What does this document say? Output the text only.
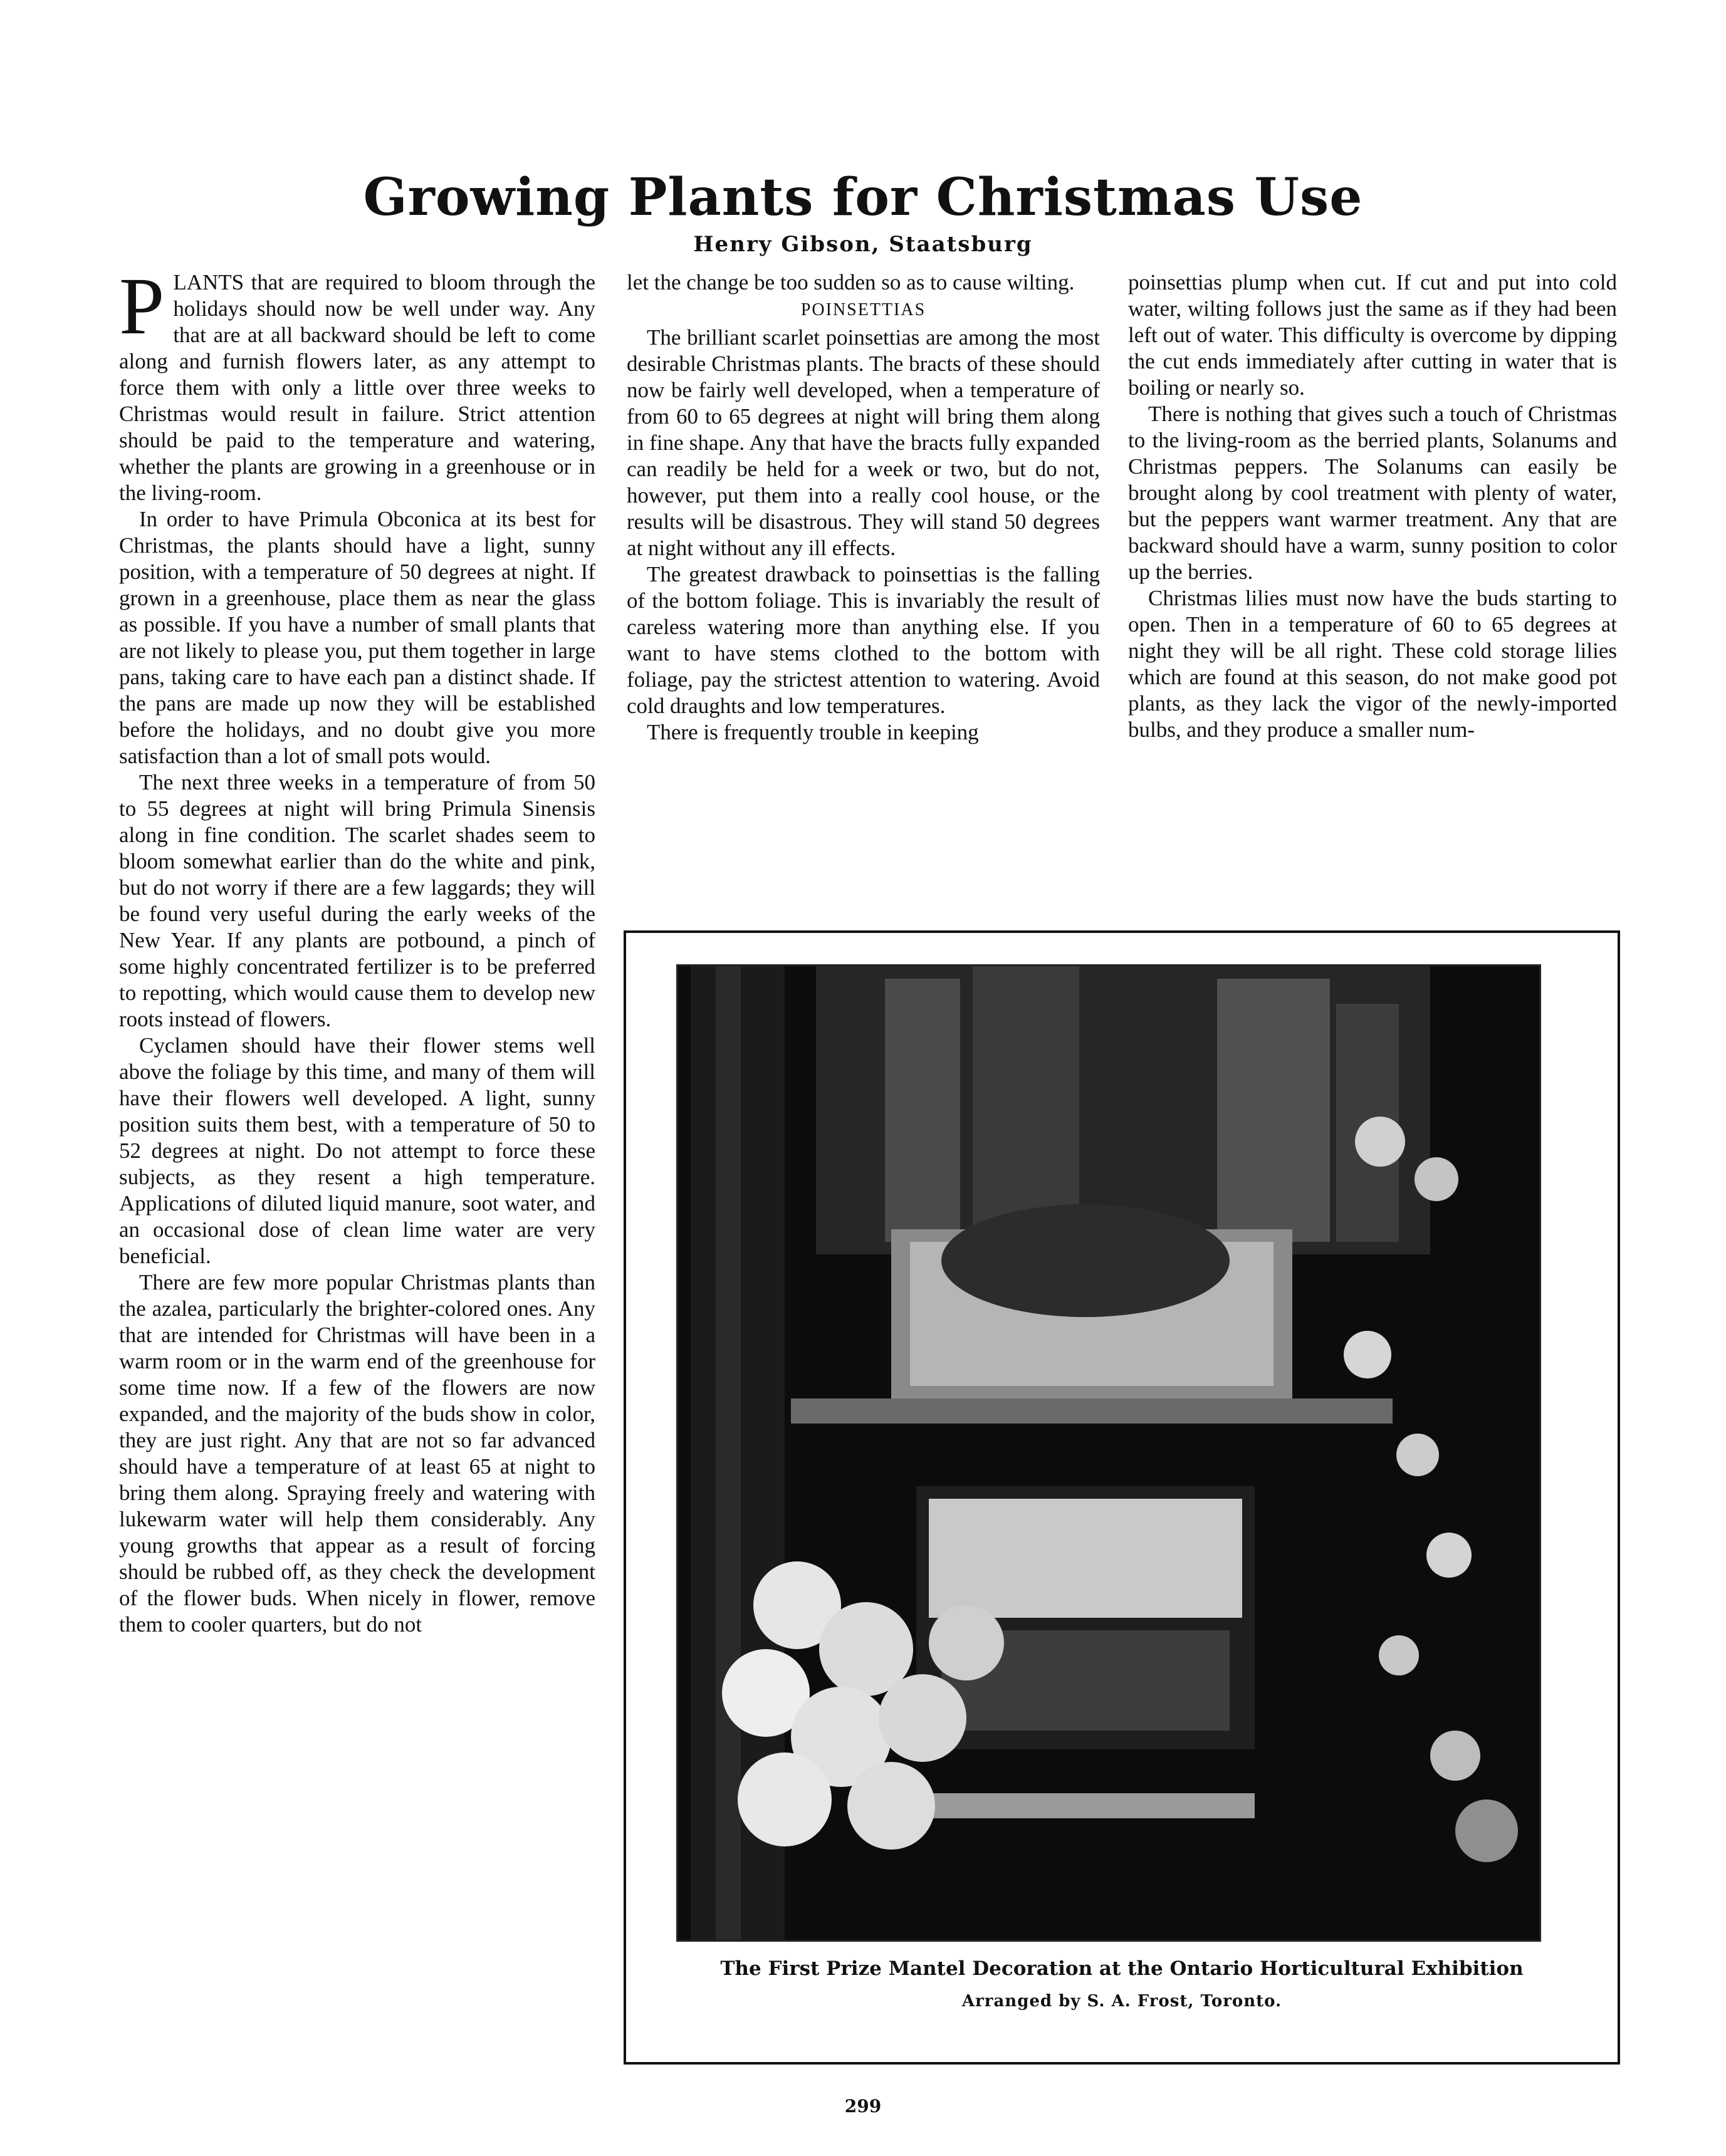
Growing Plants for Christmas Use
Henry Gibson, Staatsburg

PLANTS that are required to bloom through the holidays should now be well under way. Any that are at all backward should be left to come along and furnish flowers later, as any attempt to force them with only a little over three weeks to Christmas would result in failure. Strict attention should be paid to the temperature and watering, whether the plants are growing in a greenhouse or in the living-room.

In order to have Primula Obconica at its best for Christmas, the plants should have a light, sunny position, with a temperature of 50 degrees at night. If grown in a greenhouse, place them as near the glass as possible. If you have a number of small plants that are not likely to please you, put them together in large pans, taking care to have each pan a distinct shade. If the pans are made up now they will be established before the holidays, and no doubt give you more satisfaction than a lot of small pots would.

The next three weeks in a temperature of from 50 to 55 degrees at night will bring Primula Sinensis along in fine condition. The scarlet shades seem to bloom somewhat earlier than do the white and pink, but do not worry if there are a few laggards; they will be found very useful during the early weeks of the New Year. If any plants are potbound, a pinch of some highly concentrated fertilizer is to be preferred to repotting, which would cause them to develop new roots instead of flowers.

Cyclamen should have their flower stems well above the foliage by this time, and many of them will have their flowers well developed. A light, sunny position suits them best, with a temperature of 50 to 52 degrees at night. Do not attempt to force these subjects, as they resent a high temperature. Applications of diluted liquid manure, soot water, and an occasional dose of clean lime water are very beneficial.

There are few more popular Christmas plants than the azalea, particularly the brighter-colored ones. Any that are intended for Christmas will have been in a warm room or in the warm end of the greenhouse for some time now. If a few of the flowers are now expanded, and the majority of the buds show in color, they are just right. Any that are not so far advanced should have a temperature of at least 65 at night to bring them along. Spraying freely and watering with lukewarm water will help them considerably. Any young growths that appear as a result of forcing should be rubbed off, as they check the development of the flower buds. When nicely in flower, remove them to cooler quarters, but do not

let the change be too sudden so as to cause wilting.

POINSETTIAS

The brilliant scarlet poinsettias are among the most desirable Christmas plants. The bracts of these should now be fairly well developed, when a temperature of from 60 to 65 degrees at night will bring them along in fine shape. Any that have the bracts fully expanded can readily be held for a week or two, but do not, however, put them into a really cool house, or the results will be disastrous. They will stand 50 degrees at night without any ill effects.

The greatest drawback to poinsettias is the falling of the bottom foliage. This is invariably the result of careless watering more than anything else. If you want to have stems clothed to the bottom with foliage, pay the strictest attention to watering. Avoid cold draughts and low temperatures.

There is frequently trouble in keeping

poinsettias plump when cut. If cut and put into cold water, wilting follows just the same as if they had been left out of water. This difficulty is overcome by dipping the cut ends immediately after cutting in water that is boiling or nearly so.

There is nothing that gives such a touch of Christmas to the living-room as the berried plants, Solanums and Christmas peppers. The Solanums can easily be brought along by cool treatment with plenty of water, but the peppers want warmer treatment. Any that are backward should have a warm, sunny position to color up the berries.

Christmas lilies must now have the buds starting to open. Then in a temperature of 60 to 65 degrees at night they will be all right. These cold storage lilies which are found at this season, do not make good pot plants, as they lack the vigor of the newly-imported bulbs, and they produce a smaller num-

The First Prize Mantel Decoration at the Ontario Horticultural Exhibition

Arranged by S. A. Frost, Toronto.

299
